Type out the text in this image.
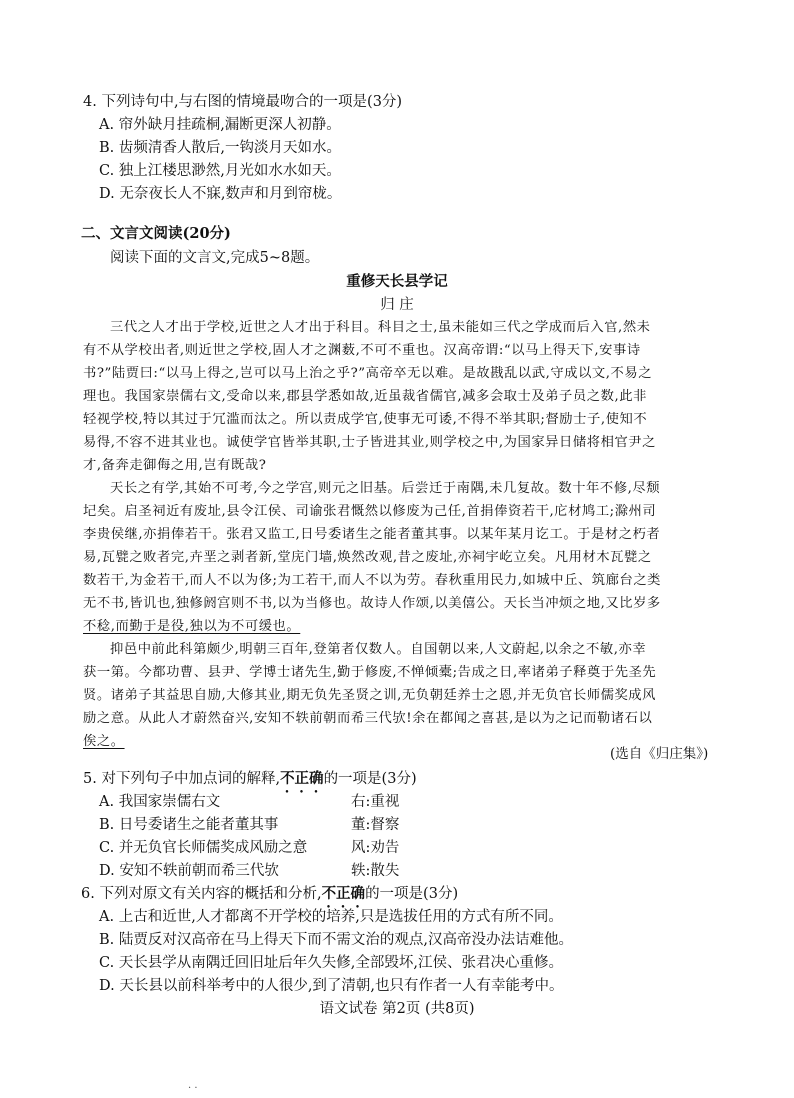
4. 下列诗句中,与右图的情境最吻合的一项是(3分)
A. 帘外缺月挂疏桐,漏断更深人初静。
B. 齿频清香人散后,一钩淡月天如水。
C. 独上江楼思渺然,月光如水水如天。
D. 无奈夜长人不寐,数声和月到帘栊。
二、文言文阅读(20分)
阅读下面的文言文,完成5~8题。
重修天长县学记
归 庄
三代之人才出于学校,近世之人才出于科目。科目之士,虽未能如三代之学成而后入官,然未
有不从学校出者,则近世之学校,固人才之渊薮,不可不重也。汉高帝谓:“以马上得天下,安事诗
书?”陆贾曰:“以马上得之,岂可以马上治之乎?”高帝卒无以难。是故戡乱以武,守成以文,不易之
理也。我国家崇儒右文,受命以来,郡县学悉如故,近虽裁省儒官,减多会取士及弟子员之数,此非
轻视学校,特以其过于冗滥而汰之。所以责成学官,使事无可诿,不得不举其职;督励士子,使知不
易得,不容不进其业也。诚使学官皆举其职,士子皆进其业,则学校之中,为国家异日储将相官尹之
才,备奔走御侮之用,岂有既哉?
天长之有学,其始不可考,今之学宫,则元之旧基。后尝迁于南隅,未几复故。数十年不修,尽颓
圮矣。启圣祠近有废址,县令江侯、司谕张君慨然以修废为己任,首捐俸资若干,庀材鸠工;滁州司
李贵侯继,亦捐俸若干。张君又监工,日号委诸生之能者董其事。以某年某月讫工。于是材之朽者
易,瓦甓之败者完,卉垩之剥者新,堂庑门墙,焕然改观,昔之废址,亦祠宇屹立矣。凡用材木瓦甓之
数若干,为金若干,而人不以为侈;为工若干,而人不以为劳。春秋重用民力,如城中丘、筑廊台之类
无不书,皆讥也,独修阏宫则不书,以为当修也。故诗人作颂,以美僖公。天长当冲烦之地,又比岁多
不稔,而勤于是役,独以为不可缓也。
抑邑中前此科第颇少,明朝三百年,登第者仅数人。自国朝以来,人文蔚起,以余之不敏,亦幸
获一第。今都功曹、县尹、学博士诸先生,勤于修废,不惮倾橐;告成之日,率诸弟子释奠于先圣先
贤。诸弟子其益思自励,大修其业,期无负先圣贤之训,无负朝廷养士之恩,并无负官长师儒奖成风
励之意。从此人才蔚然奋兴,安知不轶前朝而希三代欤!余在都闻之喜甚,是以为之记而勒诸石以
俟之。
(选自《归庄集》)
5. 对下列句子中加点词的解释,不正确的一项是(3分)
A. 我国家崇儒右文	右:重视
B. 日号委诸生之能者董其事	董:督察
C. 并无负官长师儒奖成风励之意	风:劝告
D. 安知不轶前朝而希三代欤	轶:散失
6. 下列对原文有关内容的概括和分析,不正确的一项是(3分)
A. 上古和近世,人才都离不开学校的培养,只是选拔任用的方式有所不同。
B. 陆贾反对汉高帝在马上得天下而不需文治的观点,汉高帝没办法诘难他。
C. 天长县学从南隅迁回旧址后年久失修,全部毁坏,江侯、张君决心重修。
D. 天长县以前科举考中的人很少,到了清朝,也只有作者一人有幸能考中。
语文试卷 第2页 (共8页)
· ·
